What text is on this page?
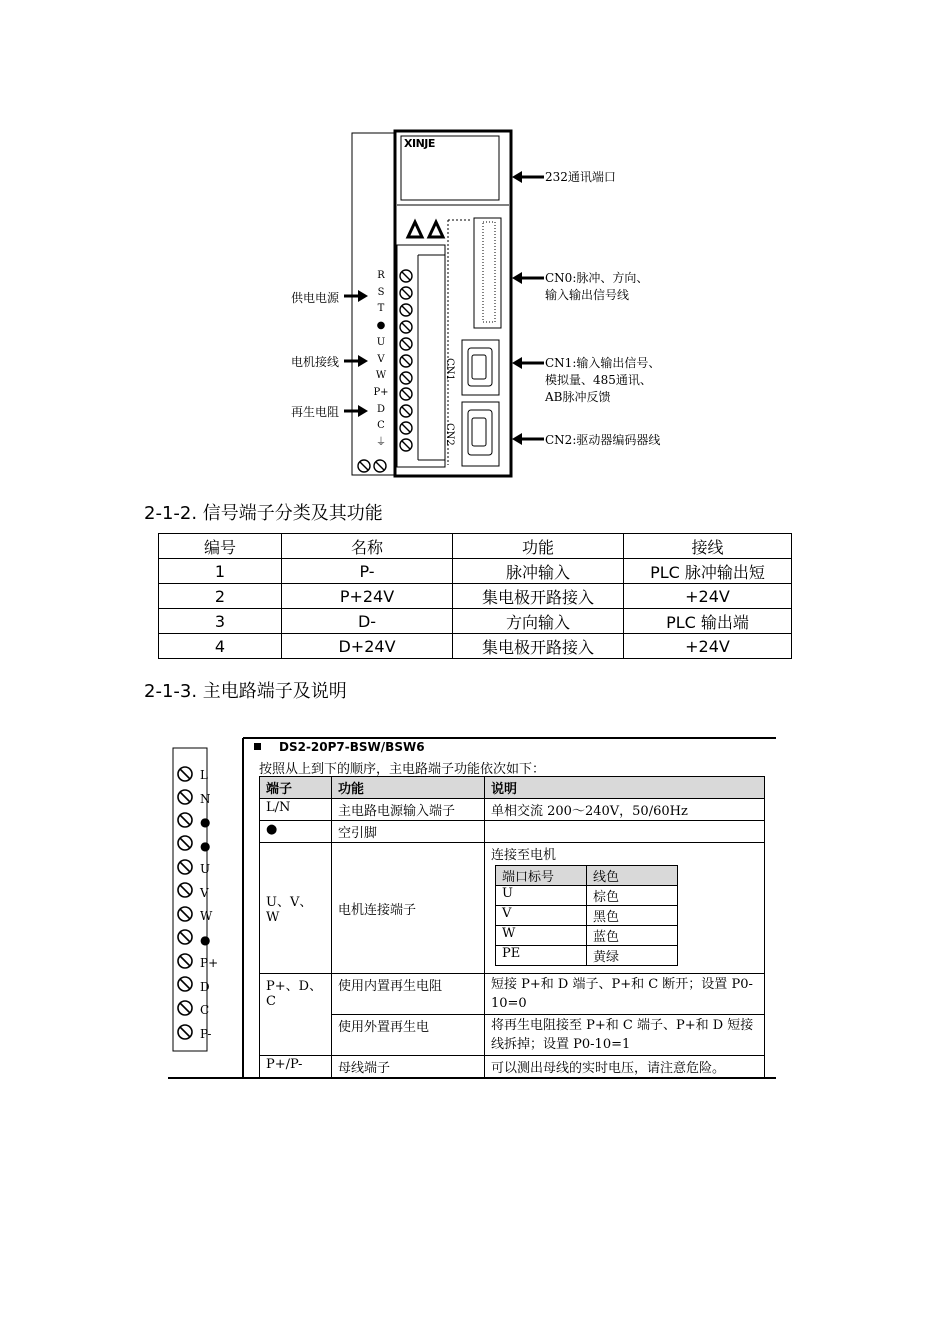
XINJE
供电电源
电机接线
再生电阻
R
S
T
●
U
V
W
P+
D
C
⏚
CN1
CN2
232通讯端口
CN0:脉冲、方向、
输入输出信号线
CN1:输入输出信号、
模拟量、485通讯、
AB脉冲反馈
CN2:驱动器编码器线
2-1-2. 信号端子分类及其功能
编号	名称	功能	接线
1	P-	脉冲输入	PLC 脉冲输出短
2	P+24V	集电极开路接入	+24V
3	D-	方向输入	PLC 输出端
4	D+24V	集电极开路接入	+24V
2-1-3. 主电路端子及说明
L
N
●
●
U
V
W
●
P+
D
C
P-
DS2-20P7-BSW/BSW6
按照从上到下的顺序，主电路端子功能依次如下：
端子	功能	说明
L/N	主电路电源输入端子	单相交流 200～240V，50/60Hz
●	空引脚	
U、V、W	电机连接端子	
连接至电机
端口标号	线色
U	棕色
V	黑色
W	蓝色
PE	黄绿

P+、D、C	使用内置再生电阻	短接 P+和 D 端子、P+和 C 断开；设置 P0-10=0
使用外置再生电	将再生电阻接至 P+和 C 端子、P+和 D 短接线拆掉；设置 P0-10=1
P+/P-	母线端子	可以测出母线的实时电压，请注意危险。
